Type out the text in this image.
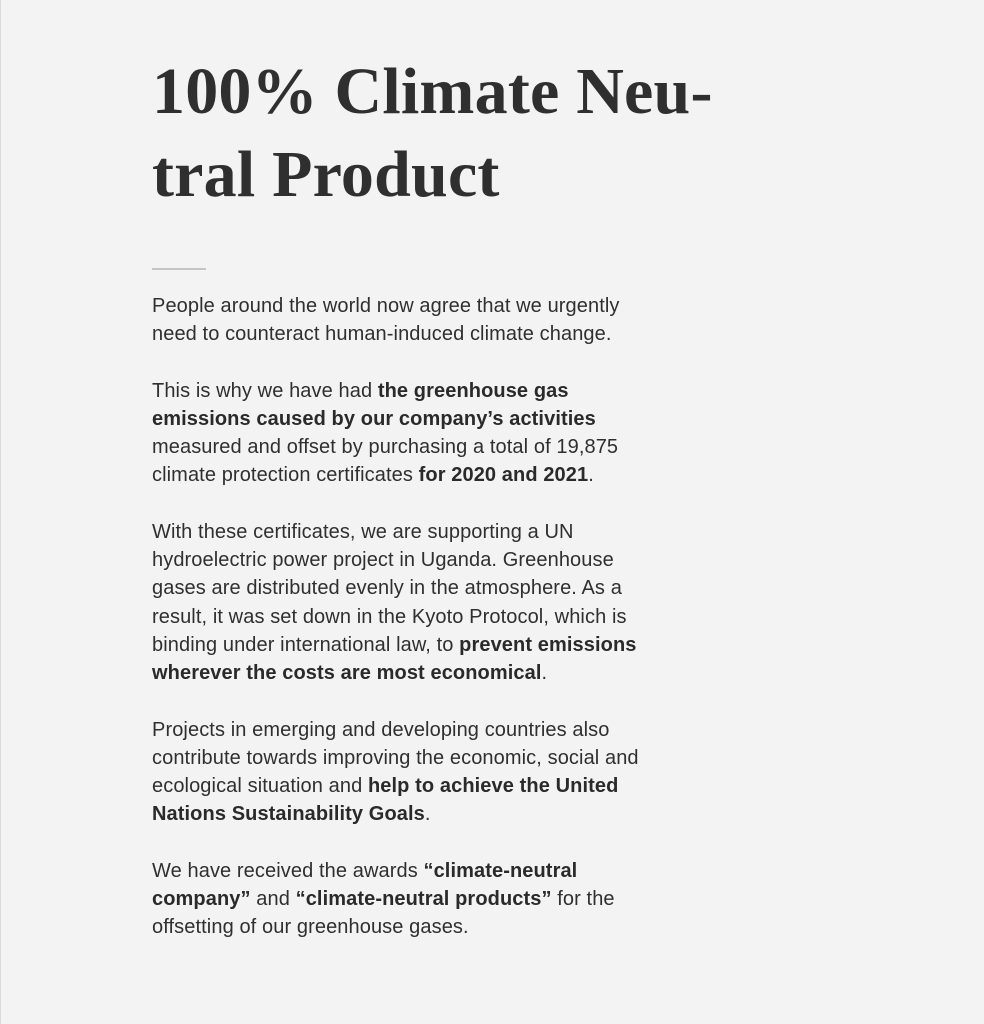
100% Climate Neu-
tral Product

People around the world now agree that we urgently
need to counteract human-induced climate change.

This is why we have had the greenhouse gas
emissions caused by our company’s activities
measured and offset by purchasing a total of 19,875
climate protection certificates for 2020 and 2021.

With these certificates, we are supporting a UN
hydroelectric power project in Uganda. Greenhouse
gases are distributed evenly in the atmosphere. As a
result, it was set down in the Kyoto Protocol, which is
binding under international law, to prevent emissions
wherever the costs are most economical.

Projects in emerging and developing countries also
contribute towards improving the economic, social and
ecological situation and help to achieve the United
Nations Sustainability Goals.

We have received the awards “climate-neutral
company” and “climate-neutral products” for the
offsetting of our greenhouse gases.
